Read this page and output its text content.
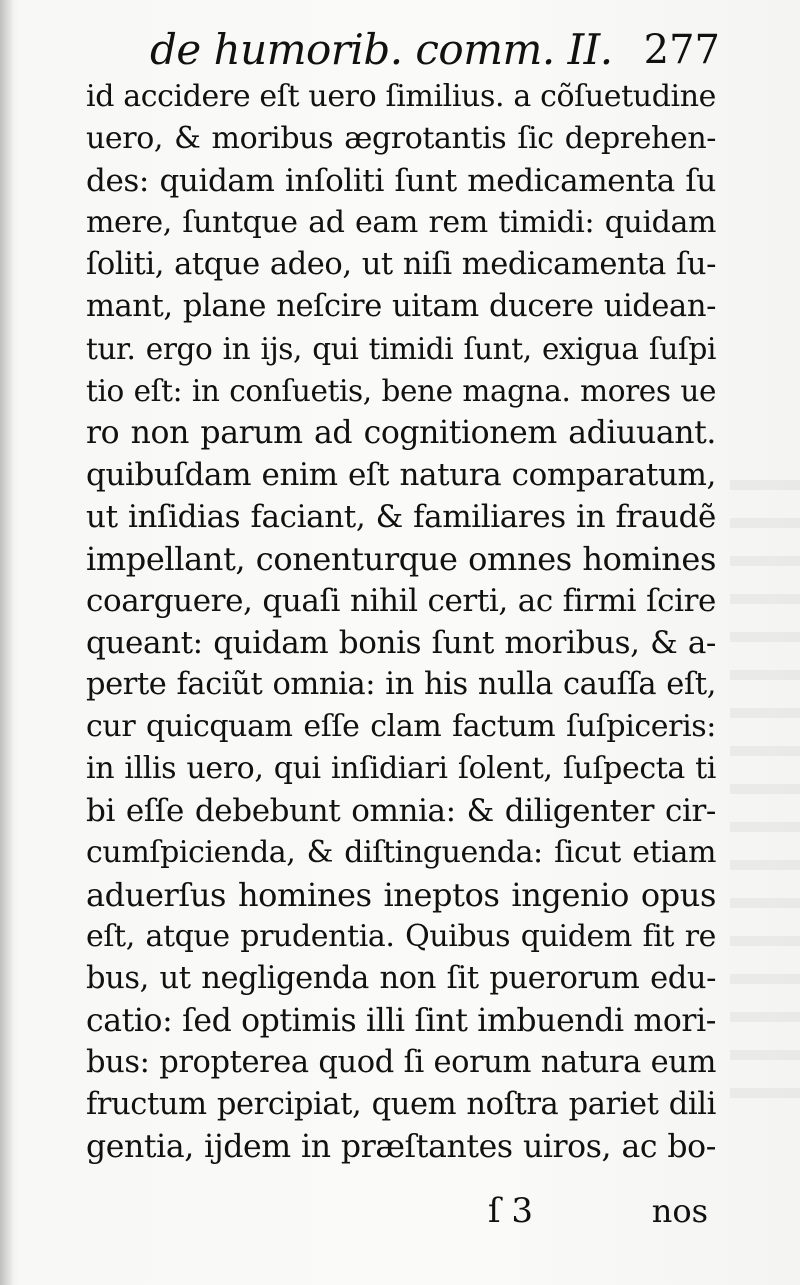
de humorib. comm. II. 277
id accidere eſt uero ſimilius. a cõſuetudine
uero, & moribus ægrotantis ſic deprehen-
des: quidam inſoliti ſunt medicamenta ſu
mere, ſuntque ad eam rem timidi: quidam
ſoliti, atque adeo, ut niſi medicamenta ſu-
mant, plane neſcire uitam ducere uidean-
tur. ergo in ijs, qui timidi ſunt, exigua ſuſpi
tio eſt: in conſuetis, bene magna. mores ue
ro non parum ad cognitionem adiuuant.
quibuſdam enim eſt natura comparatum,
ut inſidias faciant, & familiares in fraudẽ
impellant, conenturque omnes homines
coarguere, quaſi nihil certi, ac firmi ſcire
queant: quidam bonis ſunt moribus, & a-
perte faciũt omnia: in his nulla cauſſa eſt,
cur quicquam eſſe clam factum ſuſpiceris:
in illis uero, qui inſidiari ſolent, ſuſpecta ti
bi eſſe debebunt omnia: & diligenter cir-
cumſpicienda, & diſtinguenda: ſicut etiam
aduerſus homines ineptos ingenio opus
eſt, atque prudentia. Quibus quidem fit re
bus, ut negligenda non ſit puerorum edu-
catio: ſed optimis illi ſint imbuendi mori-
bus: propterea quod ſi eorum natura eum
fructum percipiat, quem noſtra pariet dili
gentia, ijdem in præſtantes uiros, ac bo-
ſ 3	nos
